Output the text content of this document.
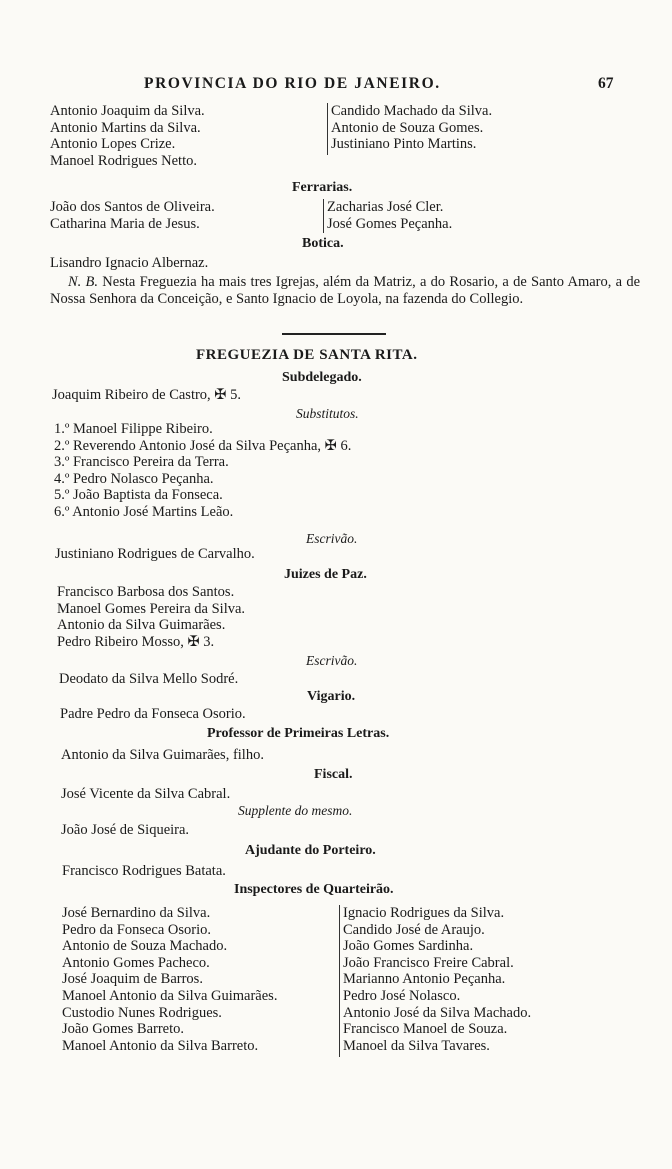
PROVINCIA DO RIO DE JANEIRO.	67
Antonio Joaquim da Silva.
Antonio Martins da Silva.
Antonio Lopes Crize.
Manoel Rodrigues Netto.
Candido Machado da Silva.
Antonio de Souza Gomes.
Justiniano Pinto Martins.
Ferrarias.
João dos Santos de Oliveira.
Catharina Maria de Jesus.
Zacharias José Cler.
José Gomes Peçanha.
Botica.
Lisandro Ignacio Albernaz.
N. B. Nesta Freguezia ha mais tres Igrejas, além da Matriz, a do Rosario, a de Santo Amaro, a de Nossa Senhora da Conceição, e Santo Ignacio de Loyola, na fazenda do Collegio.
FREGUEZIA DE SANTA RITA.
Subdelegado.
Joaquim Ribeiro de Castro, ✠ 5.
Substitutos.
1.º Manoel Filippe Ribeiro.
2.º Reverendo Antonio José da Silva Peçanha, ✠ 6.
3.º Francisco Pereira da Terra.
4.º Pedro Nolasco Peçanha.
5.º João Baptista da Fonseca.
6.º Antonio José Martins Leão.
Escrivão.
Justiniano Rodrigues de Carvalho.
Juizes de Paz.
Francisco Barbosa dos Santos.
Manoel Gomes Pereira da Silva.
Antonio da Silva Guimarães.
Pedro Ribeiro Mosso, ✠ 3.
Escrivão.
Deodato da Silva Mello Sodré.
Vigario.
Padre Pedro da Fonseca Osorio.
Professor de Primeiras Letras.
Antonio da Silva Guimarães, filho.
Fiscal.
José Vicente da Silva Cabral.
Supplente do mesmo.
João José de Siqueira.
Ajudante do Porteiro.
Francisco Rodrigues Batata.
Inspectores de Quarteirão.
José Bernardino da Silva.
Pedro da Fonseca Osorio.
Antonio de Souza Machado.
Antonio Gomes Pacheco.
José Joaquim de Barros.
Manoel Antonio da Silva Guimarães.
Custodio Nunes Rodrigues.
João Gomes Barreto.
Manoel Antonio da Silva Barreto.
Ignacio Rodrigues da Silva.
Candido José de Araujo.
João Gomes Sardinha.
João Francisco Freire Cabral.
Marianno Antonio Peçanha.
Pedro José Nolasco.
Antonio José da Silva Machado.
Francisco Manoel de Souza.
Manoel da Silva Tavares.
